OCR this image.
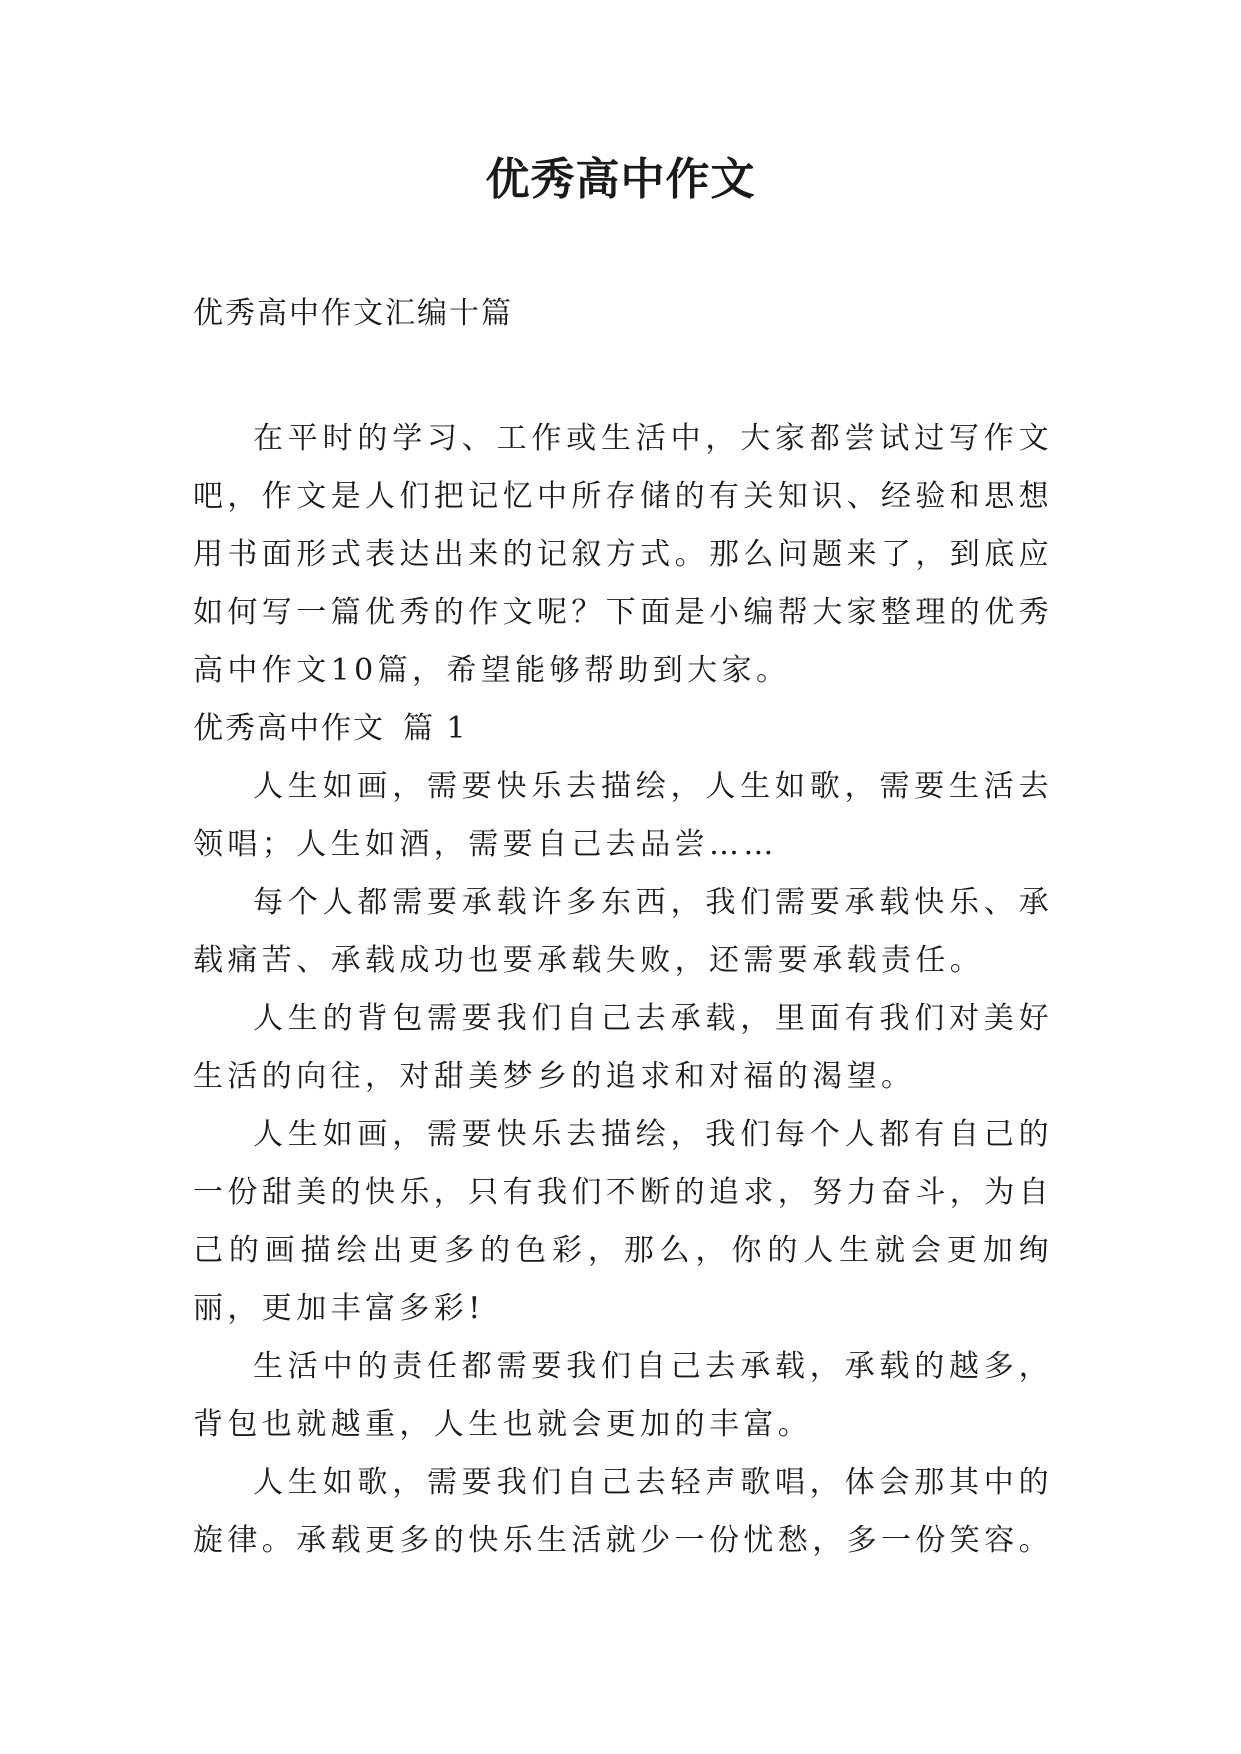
优秀高中作文
优秀高中作文汇编十篇

在平时的学习、工作或生活中，大家都尝试过写作文吧，作文是人们把记忆中所存储的有关知识、经验和思想用书面形式表达出来的记叙方式。那么问题来了，到底应如何写一篇优秀的作文呢？下面是小编帮大家整理的优秀高中作文10篇，希望能够帮助到大家。

优秀高中作文 篇 1

人生如画，需要快乐去描绘，人生如歌，需要生活去领唱；人生如酒，需要自己去品尝……

每个人都需要承载许多东西，我们需要承载快乐、承载痛苦、承载成功也要承载失败，还需要承载责任。

人生的背包需要我们自己去承载，里面有我们对美好生活的向往，对甜美梦乡的追求和对福的渴望。

人生如画，需要快乐去描绘，我们每个人都有自己的一份甜美的快乐，只有我们不断的追求，努力奋斗，为自己的画描绘出更多的色彩，那么，你的人生就会更加绚丽，更加丰富多彩!

生活中的责任都需要我们自己去承载，承载的越多，背包也就越重，人生也就会更加的丰富。

人生如歌，需要我们自己去轻声歌唱，体会那其中的旋律。承载更多的快乐生活就少一份忧愁，多一份笑容。
